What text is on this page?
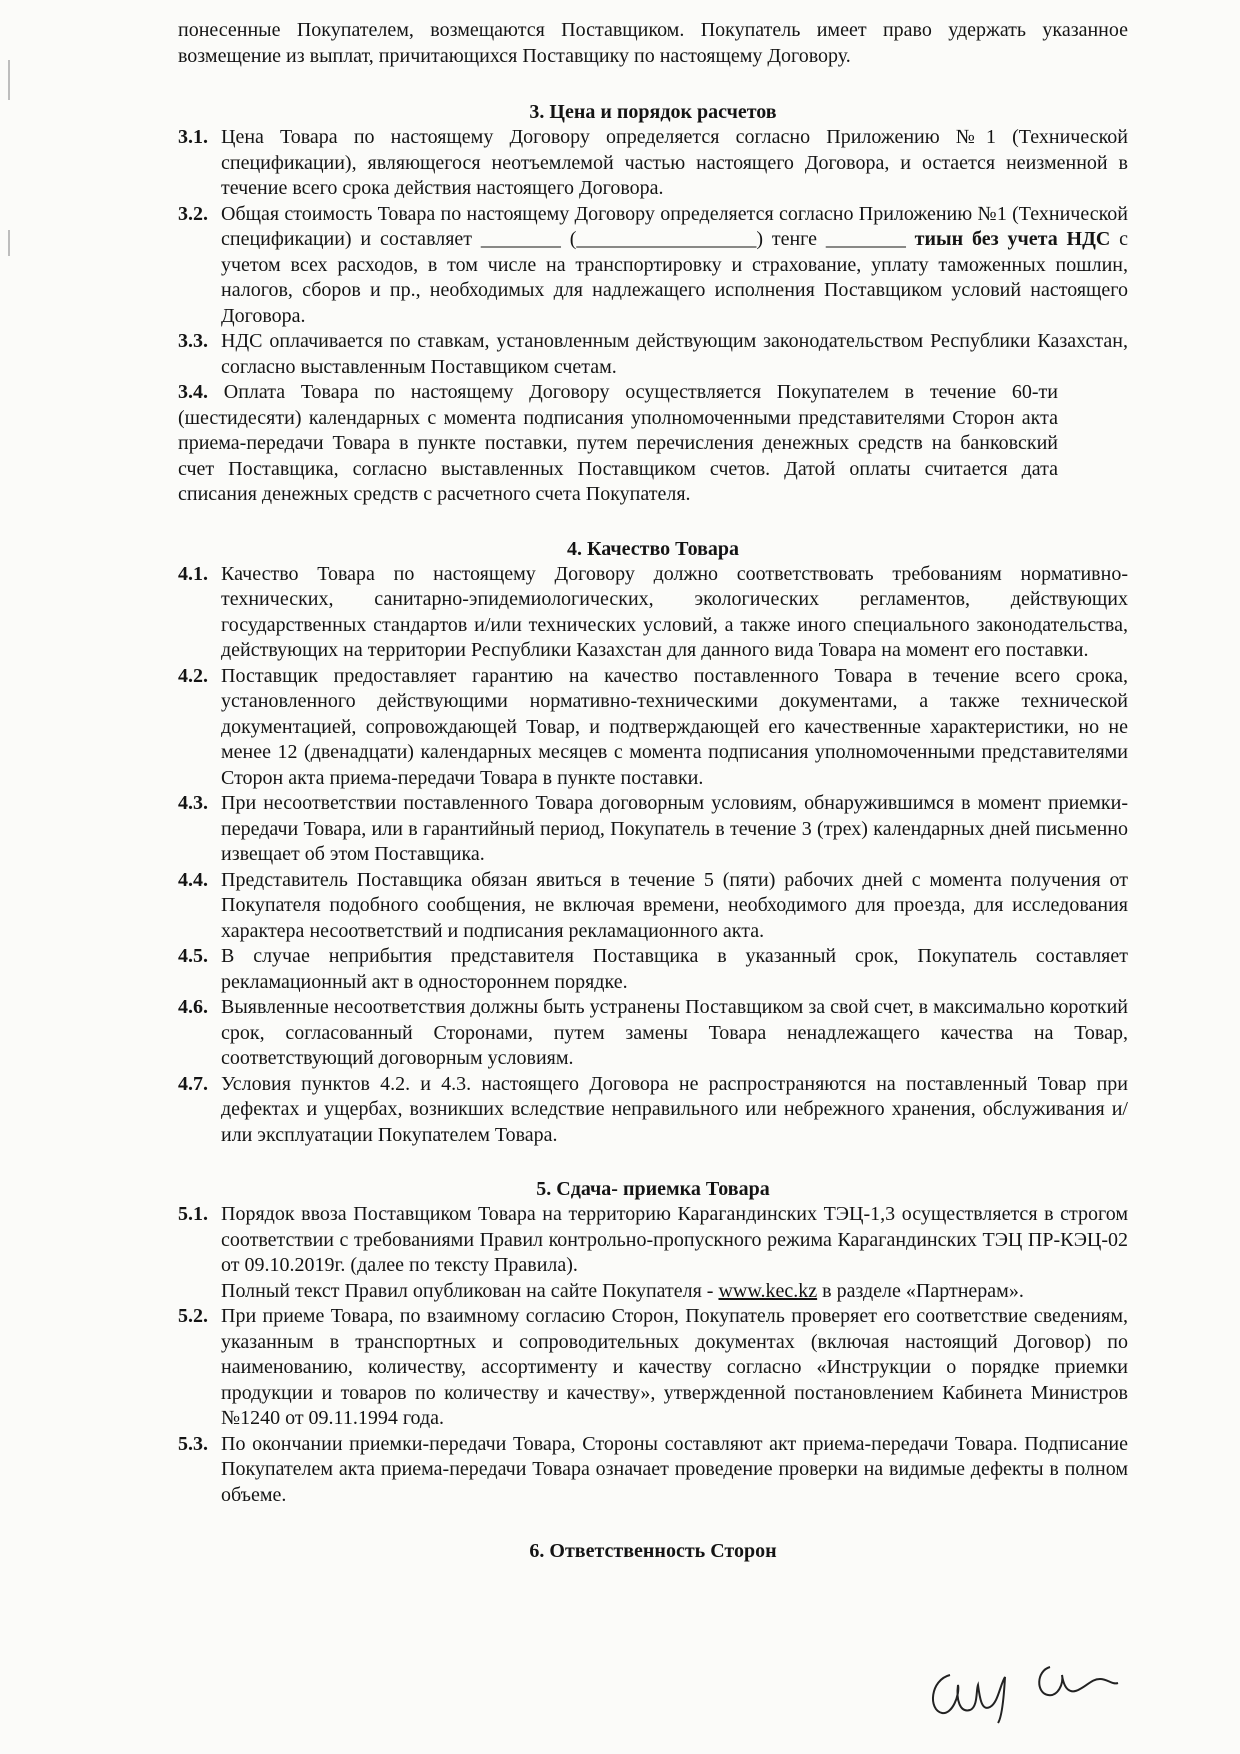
понесенные Покупателем, возмещаются Поставщиком. Покупатель имеет право удержать указанное возмещение из выплат, причитающихся Поставщику по настоящему Договору.

3. Цена и порядок расчетов
3.1. Цена Товара по настоящему Договору определяется согласно Приложению №1 (Технической спецификации), являющегося неотъемлемой частью настоящего Договора, и остается неизменной в течение всего срока действия настоящего Договора.
3.2. Общая стоимость Товара по настоящему Договору определяется согласно Приложению №1 (Технической спецификации) и составляет ________ (__________________) тенге ________ тиын без учета НДС с учетом всех расходов, в том числе на транспортировку и страхование, уплату таможенных пошлин, налогов, сборов и пр., необходимых для надлежащего исполнения Поставщиком условий настоящего Договора.
3.3. НДС оплачивается по ставкам, установленным действующим законодательством Республики Казахстан, согласно выставленным Поставщиком счетам.
3.4. Оплата Товара по настоящему Договору осуществляется Покупателем в течение 60-ти (шестидесяти) календарных с момента подписания уполномоченными представителями Сторон акта приема-передачи Товара в пункте поставки, путем перечисления денежных средств на банковский счет Поставщика, согласно выставленных Поставщиком счетов. Датой оплаты считается дата списания денежных средств с расчетного счета Покупателя.
4. Качество Товара
4.1. Качество Товара по настоящему Договору должно соответствовать требованиям нормативно-технических, санитарно-эпидемиологических, экологических регламентов, действующих государственных стандартов и/или технических условий, а также иного специального законодательства, действующих на территории Республики Казахстан для данного вида Товара на момент его поставки.
4.2. Поставщик предоставляет гарантию на качество поставленного Товара в течение всего срока, установленного действующими нормативно-техническими документами, а также технической документацией, сопровождающей Товар, и подтверждающей его качественные характеристики, но не менее 12 (двенадцати) календарных месяцев с момента подписания уполномоченными представителями Сторон акта приема-передачи Товара в пункте поставки.
4.3. При несоответствии поставленного Товара договорным условиям, обнаружившимся в момент приемки-передачи Товара, или в гарантийный период, Покупатель в течение 3 (трех) календарных дней письменно извещает об этом Поставщика.
4.4. Представитель Поставщика обязан явиться в течение 5 (пяти) рабочих дней с момента получения от Покупателя подобного сообщения, не включая времени, необходимого для проезда, для исследования характера несоответствий и подписания рекламационного акта.
4.5. В случае неприбытия представителя Поставщика в указанный срок, Покупатель составляет рекламационный акт в одностороннем порядке.
4.6. Выявленные несоответствия должны быть устранены Поставщиком за свой счет, в максимально короткий срок, согласованный Сторонами, путем замены Товара ненадлежащего качества на Товар, соответствующий договорным условиям.
4.7. Условия пунктов 4.2. и 4.3. настоящего Договора не распространяются на поставленный Товар при дефектах и ущербах, возникших вследствие неправильного или небрежного хранения, обслуживания и/или эксплуатации Покупателем Товара.
5. Сдача- приемка Товара
5.1. Порядок ввоза Поставщиком Товара на территорию Карагандинских ТЭЦ-1,3 осуществляется в строгом соответствии с требованиями Правил контрольно-пропускного режима Карагандинских ТЭЦ ПР-КЭЦ-02 от 09.10.2019г. (далее по тексту Правила).
Полный текст Правил опубликован на сайте Покупателя - www.kec.kz в разделе «Партнерам».
5.2. При приеме Товара, по взаимному согласию Сторон, Покупатель проверяет его соответствие сведениям, указанным в транспортных и сопроводительных документах (включая настоящий Договор) по наименованию, количеству, ассортименту и качеству согласно «Инструкции о порядке приемки продукции и товаров по количеству и качеству», утвержденной постановлением Кабинета Министров №1240 от 09.11.1994 года.
5.3. По окончании приемки-передачи Товара, Стороны составляют акт приема-передачи Товара. Подписание Покупателем акта приема-передачи Товара означает проведение проверки на видимые дефекты в полном объеме.
6. Ответственность Сторон
